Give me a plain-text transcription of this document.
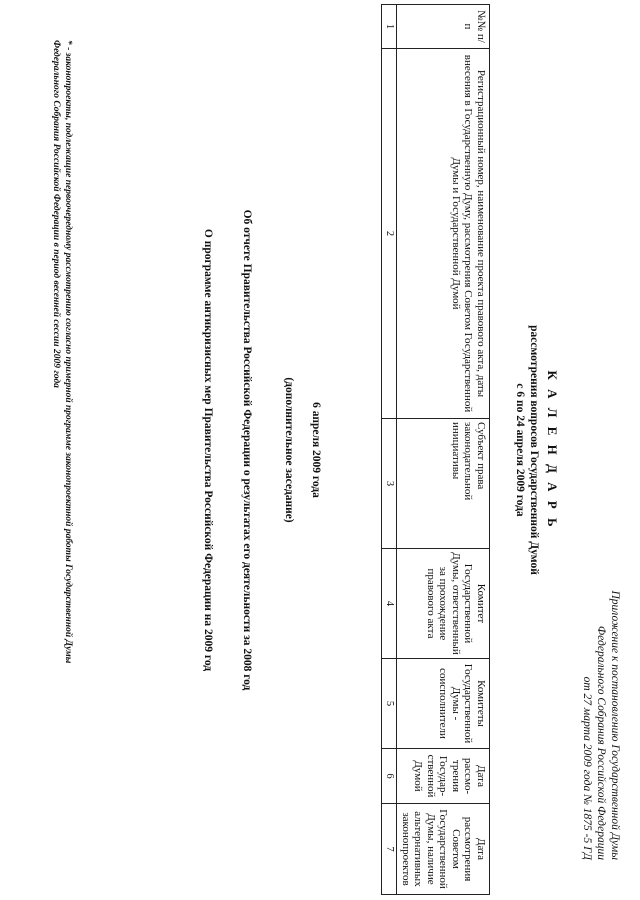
Приложение к постановлению Государственной Думы
Федерального Собрания Российской Федерации
от 27 марта 2009 года № 1875 -5 ГД
К А Л Е Н Д А Р Ь
рассмотрения вопросов Государственной Думой
с 6 по 24 апреля 2009 года
№№ п/п	Регистрационный номер, наименование проекта правового акта, даты внесения в Государственную Думу, рассмотрения Советом Государственной Думы и Государственной Думой	Субъект права законодательной инициативы	Комитет Государственной Думы, ответственный за прохождение правового акта	Комитеты Государственной Думы - соисполнители	Дата рассмо-трения Государ-ственной Думой	Дата рассмотрения Советом Государственной Думы, наличие альтернативных законопроектов
1	2	3	4	5	6	7
6 апреля 2009 года
(дополнительное заседание)
Об отчете Правительства Российской Федерации о результатах его деятельности за 2008 год
О программе антикризисных мер Правительства Российской Федерации на 2009 год
* - законопроекты, подлежащие первоочередному рассмотрению согласно примерной программе законопроектной работы Государственной Думы
Федерального Собрания Российской Федерации в период весенней сессии 2009 года
